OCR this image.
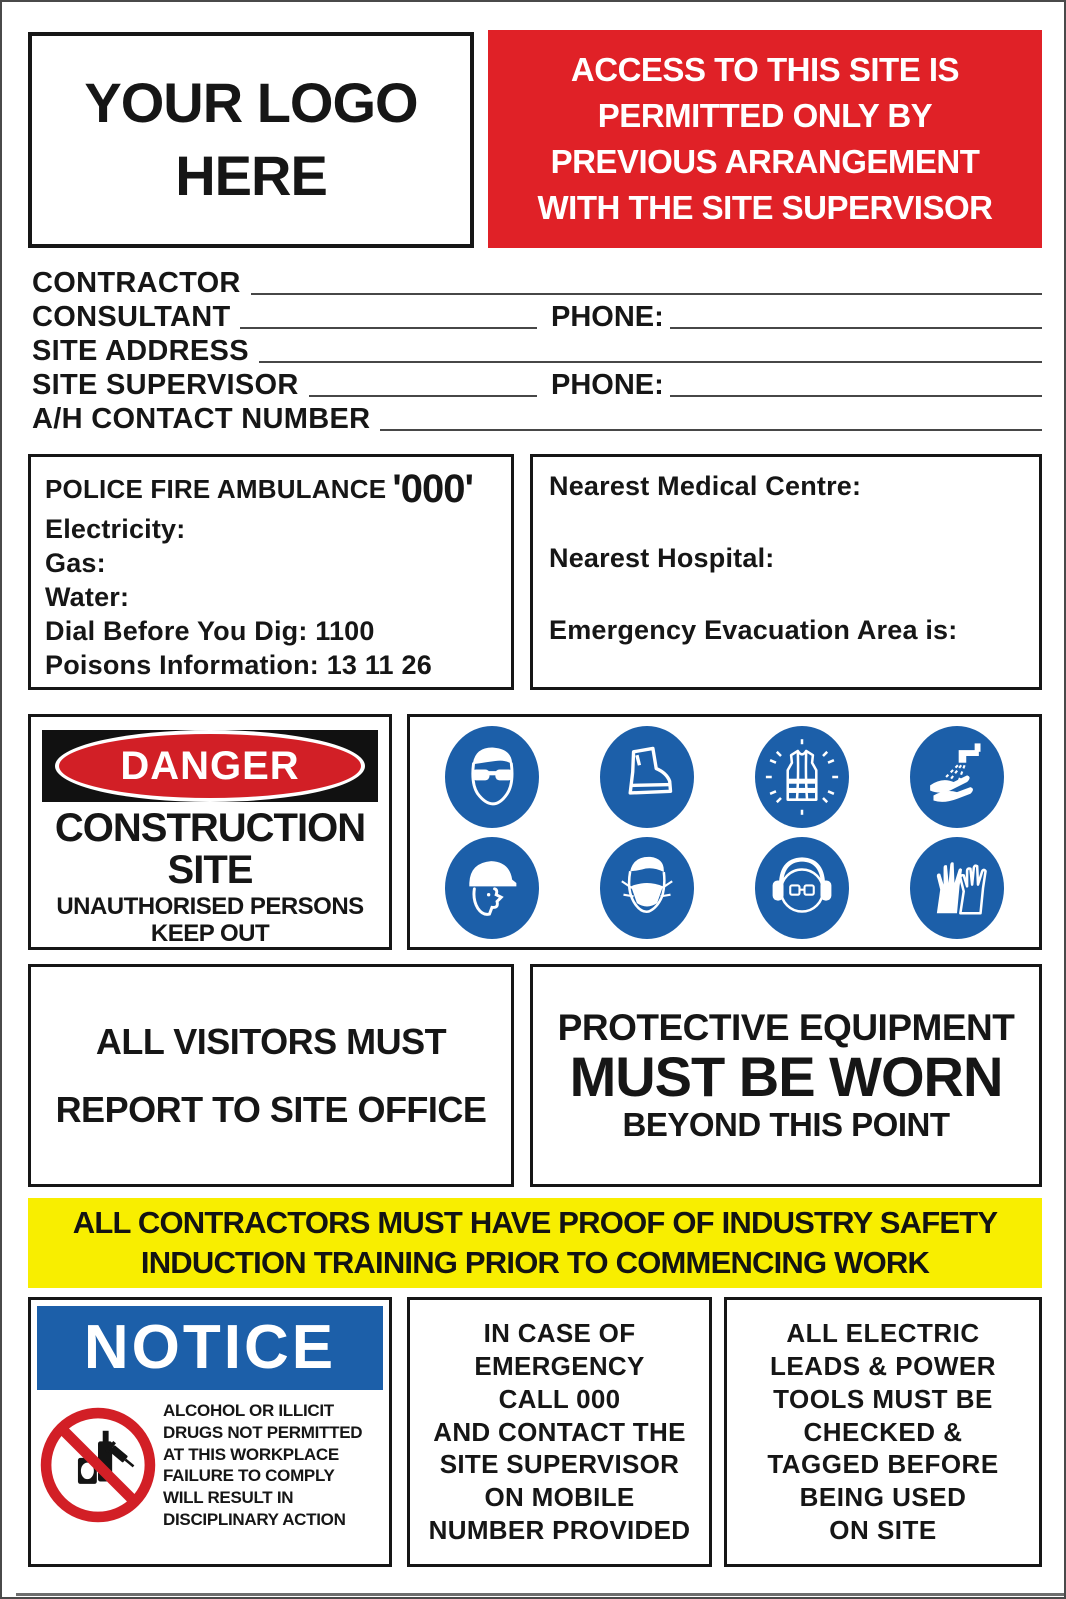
YOUR LOGO
HERE
ACCESS TO THIS SITE IS
PERMITTED ONLY BY
PREVIOUS ARRANGEMENT
WITH THE SITE SUPERVISOR
CONTRACTOR
CONSULTANT	PHONE:
SITE ADDRESS
SITE SUPERVISOR	PHONE:
A/H CONTACT NUMBER
POLICE FIRE AMBULANCE '000'
Electricity:
Gas:
Water:
Dial Before You Dig: 1100
Poisons Information: 13 11 26
Nearest Medical Centre:
Nearest Hospital:
Emergency Evacuation Area is:
DANGER
CONSTRUCTION
SITE
UNAUTHORISED PERSONS
KEEP OUT
ALL VISITORS MUST
REPORT TO SITE OFFICE
PROTECTIVE EQUIPMENT
MUST BE WORN
BEYOND THIS POINT
ALL CONTRACTORS MUST HAVE PROOF OF INDUSTRY SAFETY
INDUCTION TRAINING PRIOR TO COMMENCING WORK
NOTICE
ALCOHOL OR ILLICIT
DRUGS NOT PERMITTED
AT THIS WORKPLACE
FAILURE TO COMPLY
WILL RESULT IN
DISCIPLINARY ACTION
IN CASE OF
EMERGENCY
CALL 000
AND CONTACT THE
SITE SUPERVISOR
ON MOBILE
NUMBER PROVIDED
ALL ELECTRIC
LEADS & POWER
TOOLS MUST BE
CHECKED &
TAGGED BEFORE
BEING USED
ON SITE
